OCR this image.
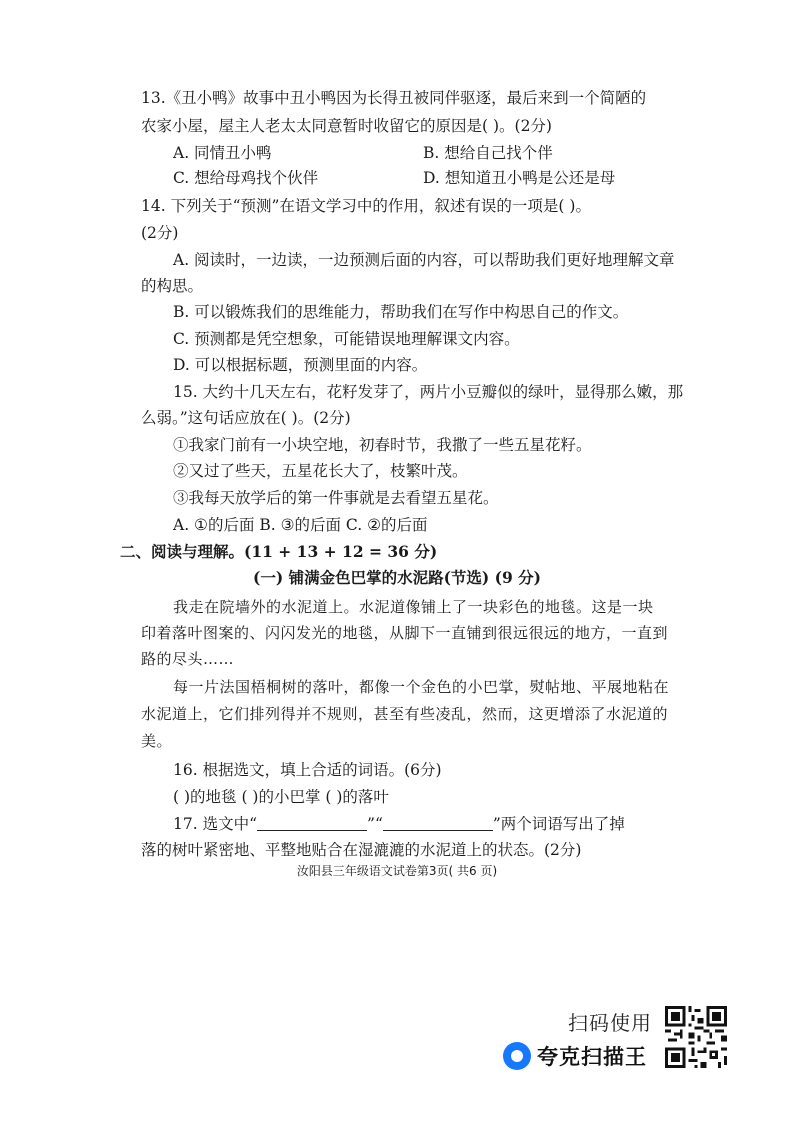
13.《丑小鸭》故事中丑小鸭因为长得丑被同伴驱逐，最后来到一个简陋的
农家小屋，屋主人老太太同意暂时收留它的原因是( )。(2分)
A. 同情丑小鸭	B. 想给自己找个伴
C. 想给母鸡找个伙伴	D. 想知道丑小鸭是公还是母
14. 下列关于“预测”在语文学习中的作用，叙述有误的一项是( )。
(2分)
A. 阅读时，一边读，一边预测后面的内容，可以帮助我们更好地理解文章
的构思。
B. 可以锻炼我们的思维能力，帮助我们在写作中构思自己的作文。
C. 预测都是凭空想象，可能错误地理解课文内容。
D. 可以根据标题，预测里面的内容。
15. 大约十几天左右，花籽发芽了，两片小豆瓣似的绿叶，显得那么嫩，那
么弱。”这句话应放在( )。(2分)
①我家门前有一小块空地，初春时节，我撒了一些五星花籽。
②又过了些天，五星花长大了，枝繁叶茂。
③我每天放学后的第一件事就是去看望五星花。
A. ①的后面 B. ③的后面 C. ②的后面
二、阅读与理解。(11 + 13 + 12 = 36 分)
(一) 铺满金色巴掌的水泥路(节选) (9 分)
我走在院墙外的水泥道上。水泥道像铺上了一块彩色的地毯。这是一块
印着落叶图案的、闪闪发光的地毯，从脚下一直铺到很远很远的地方，一直到
路的尽头……
每一片法国梧桐树的落叶，都像一个金色的小巴掌，熨帖地、平展地粘在
水泥道上，它们排列得并不规则，甚至有些凌乱，然而，这更增添了水泥道的
美。
16. 根据选文，填上合适的词语。(6分)
( )的地毯 ( )的小巴掌 ( )的落叶
17. 选文中“	”“	”两个词语写出了掉
落的树叶紧密地、平整地贴合在湿漉漉的水泥道上的状态。(2分)
汝阳县三年级语文试卷第3页( 共6 页)
扫码使用
夸克扫描王
